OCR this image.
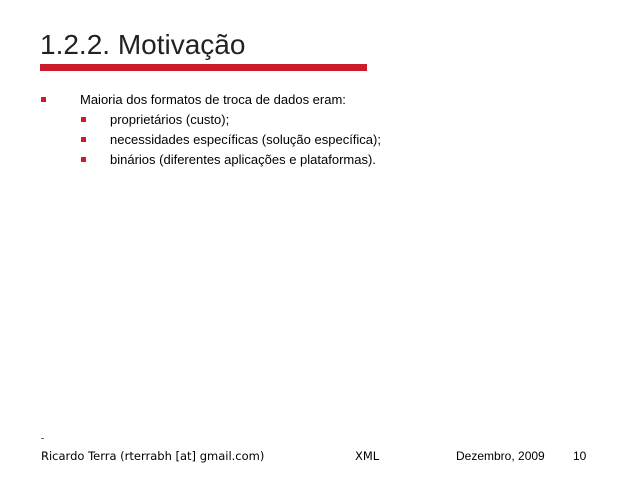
1.2.2. Motivação
Maioria dos formatos de troca de dados eram:
proprietários (custo);
necessidades específicas (solução específica);
binários (diferentes aplicações e plataformas).
Ricardo Terra (rterrabh [at] gmail.com)	XML	Dezembro, 2009 10
